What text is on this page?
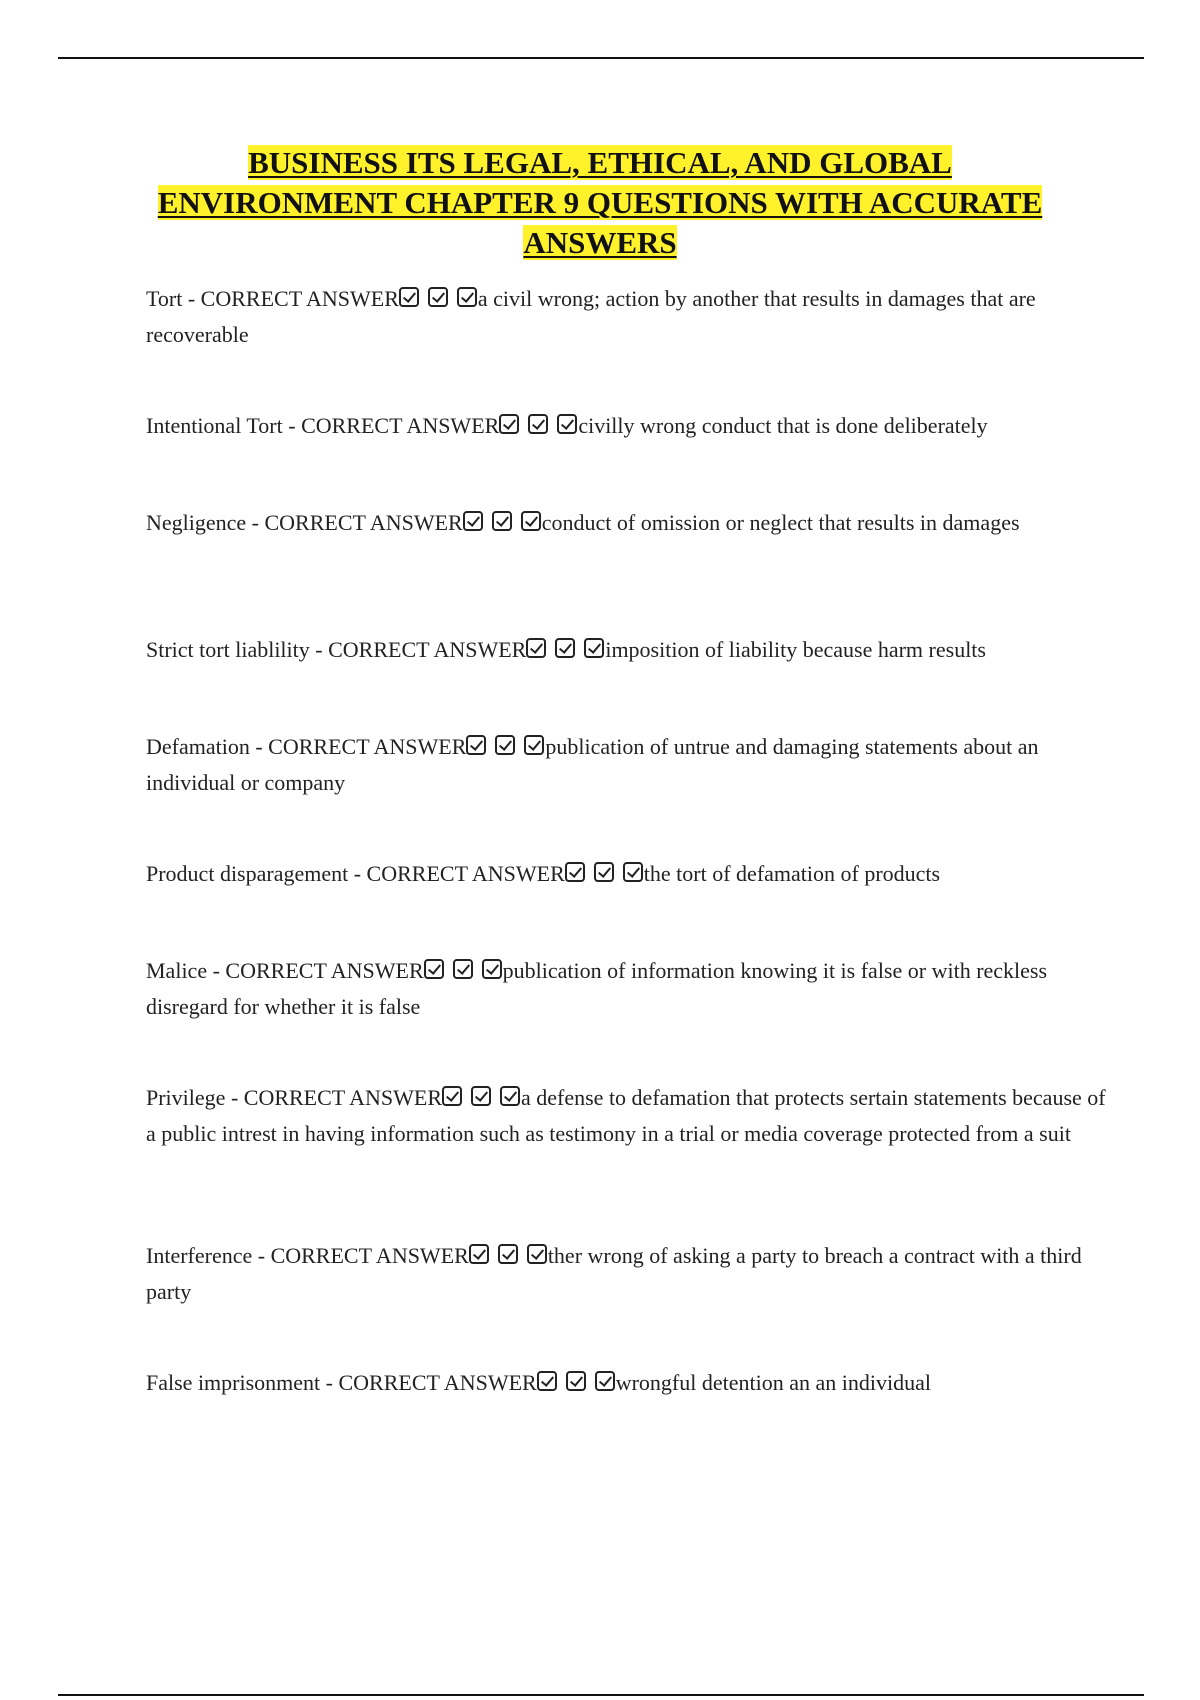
BUSINESS ITS LEGAL, ETHICAL, AND GLOBAL
ENVIRONMENT CHAPTER 9 QUESTIONS WITH ACCURATE
ANSWERS
Tort - CORRECT ANSWER	a civil wrong; action by another that results in damages that are recoverable
Intentional Tort - CORRECT ANSWER	civilly wrong conduct that is done deliberately
Negligence - CORRECT ANSWER	conduct of omission or neglect that results in damages
Strict tort liablility - CORRECT ANSWER	imposition of liability because harm results
Defamation - CORRECT ANSWER	publication of untrue and damaging statements about an individual or company
Product disparagement - CORRECT ANSWER	the tort of defamation of products
Malice - CORRECT ANSWER	publication of information knowing it is false or with reckless disregard for whether it is false
Privilege - CORRECT ANSWER	a defense to defamation that protects sertain statements because of a public intrest in having information such as testimony in a trial or media coverage protected from a suit
Interference - CORRECT ANSWER	ther wrong of asking a party to breach a contract with a third party
False imprisonment - CORRECT ANSWER	wrongful detention an an individual
